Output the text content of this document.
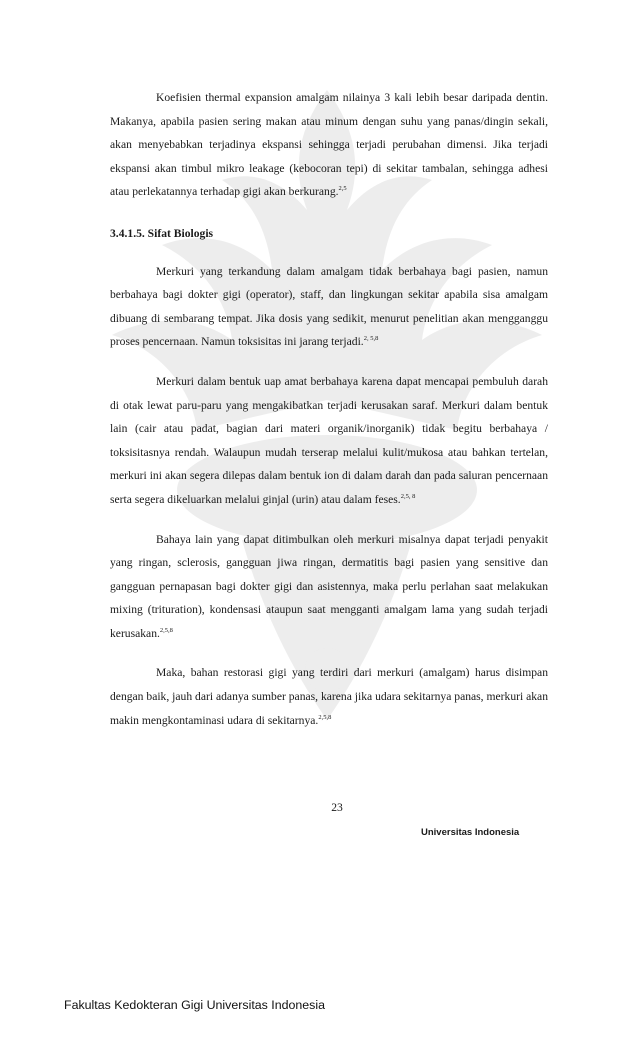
Koefisien thermal expansion amalgam nilainya 3 kali lebih besar daripada dentin. Makanya, apabila pasien sering makan atau minum dengan suhu yang panas/dingin sekali, akan menyebabkan terjadinya ekspansi sehingga terjadi perubahan dimensi. Jika terjadi ekspansi akan timbul mikro leakage (kebocoran tepi) di sekitar tambalan, sehingga adhesi atau perlekatannya terhadap gigi akan berkurang.$^{2,5}$

3.4.1.5. Sifat Biologis

Merkuri yang terkandung dalam amalgam tidak berbahaya bagi pasien, namun berbahaya bagi dokter gigi (operator), staff, dan lingkungan sekitar apabila sisa amalgam dibuang di sembarang tempat. Jika dosis yang sedikit, menurut penelitian akan mengganggu proses pencernaan. Namun toksisitas ini jarang terjadi.$^{2, 5,8}$

Merkuri dalam bentuk uap amat berbahaya karena dapat mencapai pembuluh darah di otak lewat paru-paru yang mengakibatkan terjadi kerusakan saraf. Merkuri dalam bentuk lain (cair atau padat, bagian dari materi organik/inorganik) tidak begitu berbahaya / toksisitasnya rendah. Walaupun mudah terserap melalui kulit/mukosa atau bahkan tertelan, merkuri ini akan segera dilepas dalam bentuk ion di dalam darah dan pada saluran pencernaan serta segera dikeluarkan melalui ginjal (urin) atau dalam feses.$^{2,5, 8}$

Bahaya lain yang dapat ditimbulkan oleh merkuri misalnya dapat terjadi penyakit yang ringan, sclerosis, gangguan jiwa ringan, dermatitis bagi pasien yang sensitive dan gangguan pernapasan bagi dokter gigi dan asistennya, maka perlu perlahan saat melakukan mixing (trituration), kondensasi ataupun saat mengganti amalgam lama yang sudah terjadi kerusakan.$^{2,5,8}$

Maka, bahan restorasi gigi yang terdiri dari merkuri (amalgam) harus disimpan dengan baik, jauh dari adanya sumber panas, karena jika udara sekitarnya panas, merkuri akan makin mengkontaminasi udara di sekitarnya.$^{2,5,8}$

23
Universitas Indonesia
Fakultas Kedokteran Gigi Universitas Indonesia
